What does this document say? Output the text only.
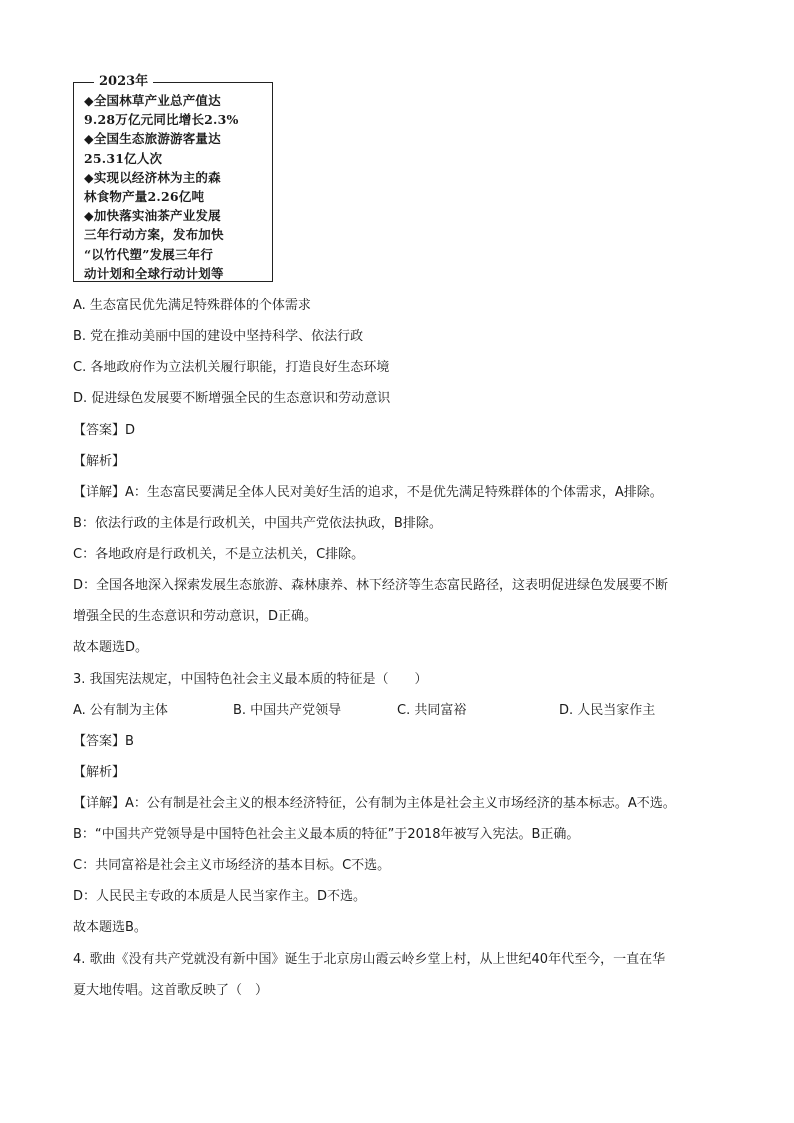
2023年

◆全国林草产业总产值达

9.28万亿元同比增长2.3%

◆全国生态旅游游客量达

25.31亿人次

◆实现以经济林为主的森

林食物产量2.26亿吨

◆加快落实油茶产业发展

三年行动方案，发布加快

“以竹代塑”发展三年行

动计划和全球行动计划等

A. 生态富民优先满足特殊群体的个体需求
B. 党在推动美丽中国的建设中坚持科学、依法行政
C. 各地政府作为立法机关履行职能，打造良好生态环境
D. 促进绿色发展要不断增强全民的生态意识和劳动意识
【答案】D
【解析】
【详解】A：生态富民要满足全体人民对美好生活的追求，不是优先满足特殊群体的个体需求，A排除。
B：依法行政的主体是行政机关，中国共产党依法执政，B排除。
C：各地政府是行政机关，不是立法机关，C排除。
D：全国各地深入探索发展生态旅游、森林康养、林下经济等生态富民路径，这表明促进绿色发展要不断
增强全民的生态意识和劳动意识，D正确。
故本题选D。
3. 我国宪法规定，中国特色社会主义最本质的特征是（　　）
A. 公有制为主体	B. 中国共产党领导	C. 共同富裕	D. 人民当家作主
【答案】B
【解析】
【详解】A：公有制是社会主义的根本经济特征，公有制为主体是社会主义市场经济的基本标志。A不选。
B：“中国共产党领导是中国特色社会主义最本质的特征”于2018年被写入宪法。B正确。
C：共同富裕是社会主义市场经济的基本目标。C不选。
D：人民民主专政的本质是人民当家作主。D不选。
故本题选B。
4. 歌曲《没有共产党就没有新中国》诞生于北京房山霞云岭乡堂上村，从上世纪40年代至今，一直在华
夏大地传唱。这首歌反映了（　）
